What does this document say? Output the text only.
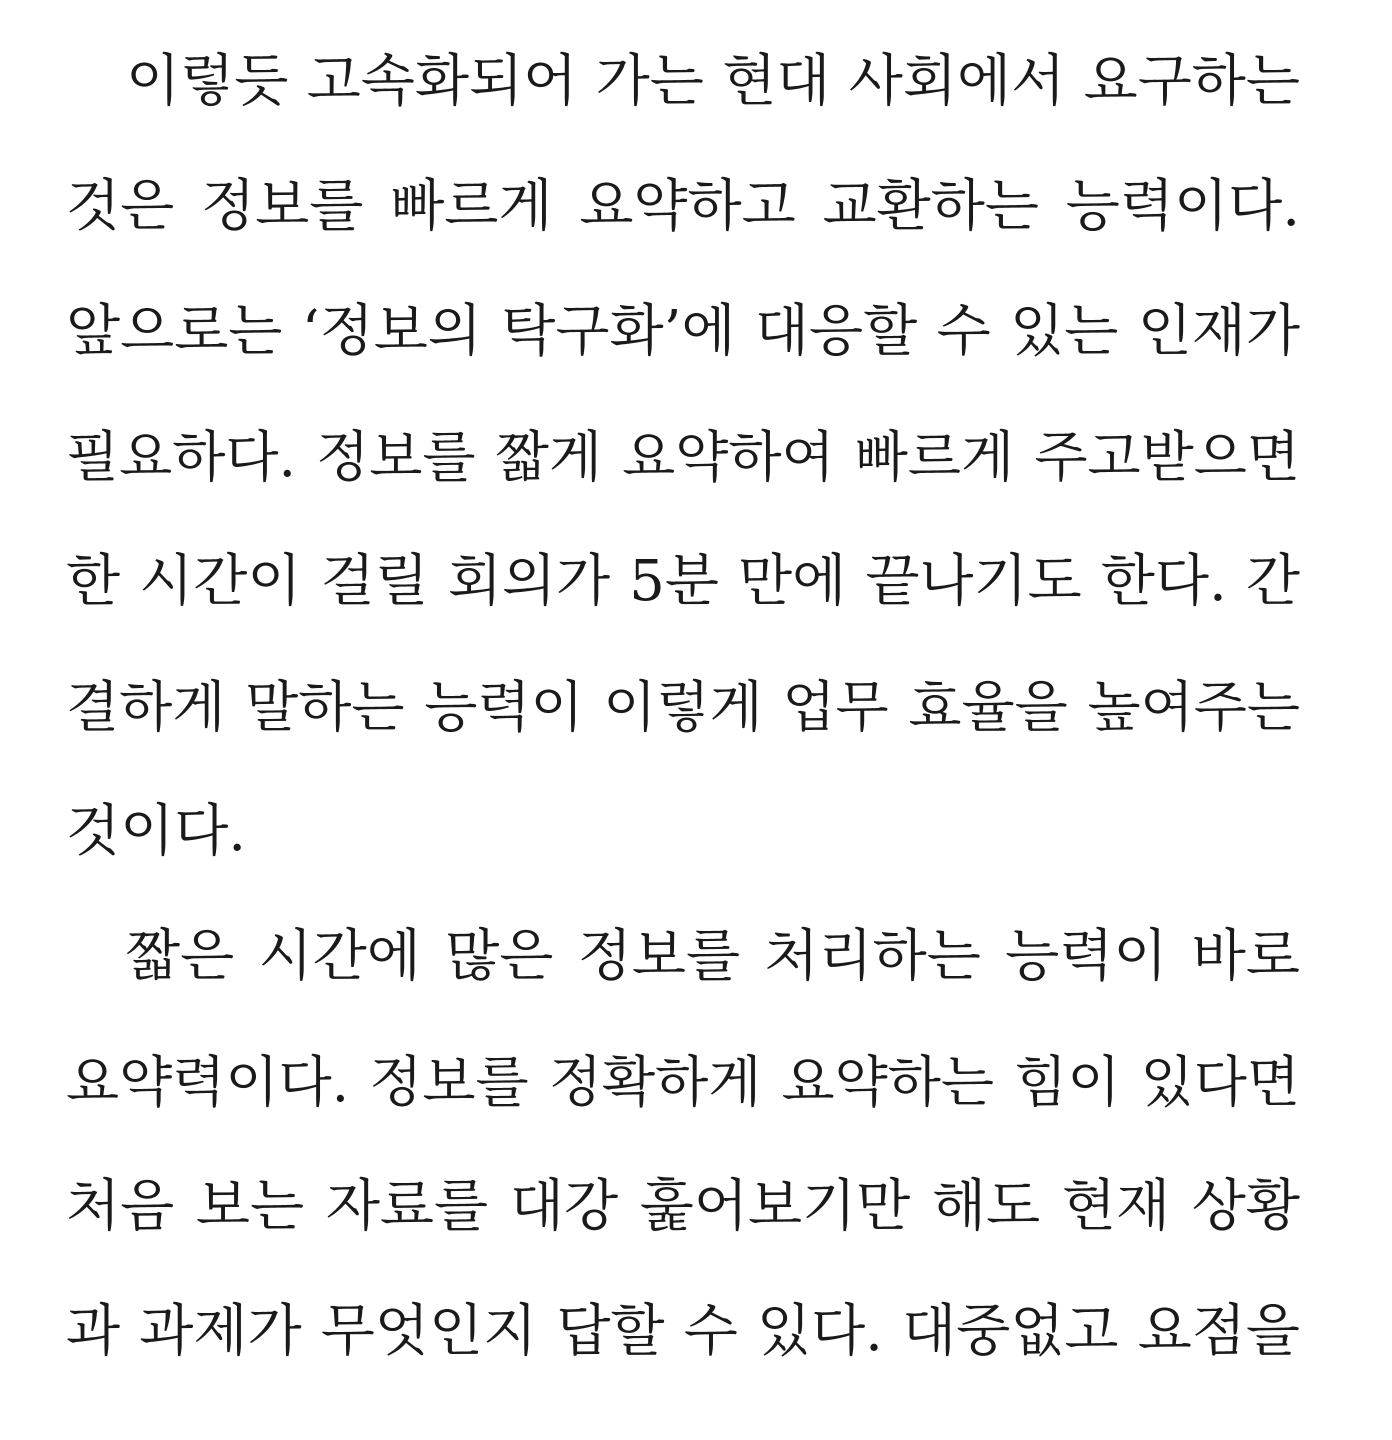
이렇듯 고속화되어 가는 현대 사회에서 요구하는
것은 정보를 빠르게 요약하고 교환하는 능력이다.
앞으로는 ‘정보의 탁구화’에 대응할 수 있는 인재가
필요하다. 정보를 짧게 요약하여 빠르게 주고받으면
한 시간이 걸릴 회의가 5분 만에 끝나기도 한다. 간
결하게 말하는 능력이 이렇게 업무 효율을 높여주는
것이다.
짧은 시간에 많은 정보를 처리하는 능력이 바로
요약력이다. 정보를 정확하게 요약하는 힘이 있다면
처음 보는 자료를 대강 훑어보기만 해도 현재 상황
과 과제가 무엇인지 답할 수 있다. 대중없고 요점을
